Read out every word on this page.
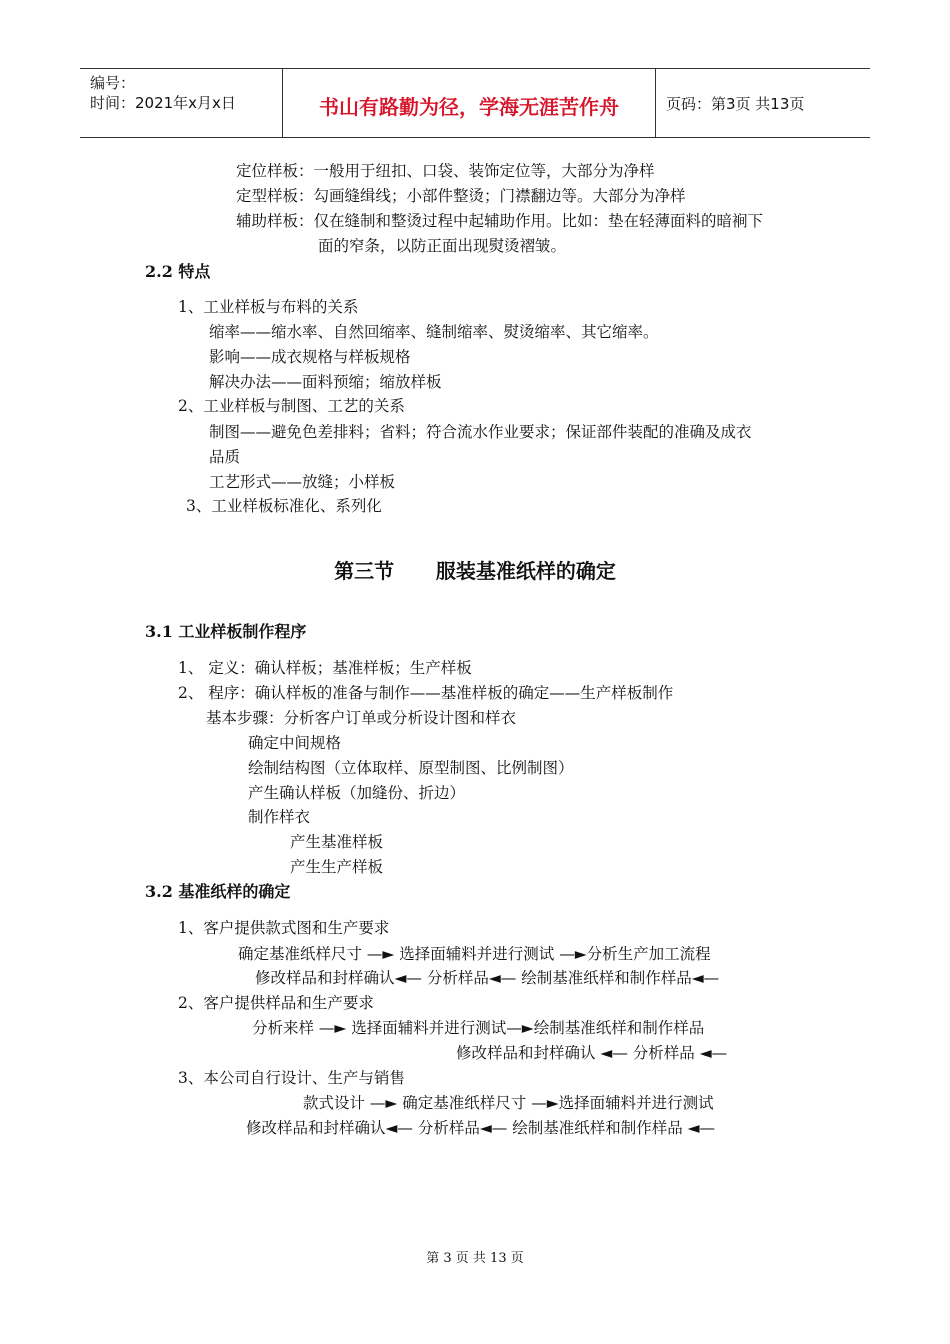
编号：
时间：2021年x月x日	书山有路勤为径，学海无涯苦作舟	页码：第3页 共13页
定位样板：一般用于纽扣、口袋、装饰定位等，大部分为净样
定型样板：勾画缝缉线；小部件整烫；门襟翻边等。大部分为净样
辅助样板：仅在缝制和整烫过程中起辅助作用。比如：垫在轻薄面料的暗裥下
面的窄条，以防正面出现熨烫褶皱。
2.2 特点
1、工业样板与布料的关系
缩率——缩水率、自然回缩率、缝制缩率、熨烫缩率、其它缩率。
影响——成衣规格与样板规格
解决办法——面料预缩；缩放样板
2、工业样板与制图、工艺的关系
制图——避免色差排料；省料；符合流水作业要求；保证部件装配的准确及成衣
品质
工艺形式——放缝；小样板
3、工业样板标准化、系列化
第三节      服装基准纸样的确定
3.1 工业样板制作程序
1、 定义：确认样板；基准样板；生产样板
2、 程序：确认样板的准备与制作——基准样板的确定——生产样板制作
基本步骤：分析客户订单或分析设计图和样衣
确定中间规格
绘制结构图（立体取样、原型制图、比例制图）
产生确认样板（加缝份、折边）
制作样衣
产生基准样板
产生生产样板
3.2 基准纸样的确定
1、客户提供款式图和生产要求
确定基准纸样尺寸 —► 选择面辅料并进行测试 —►分析生产加工流程
修改样品和封样确认◄— 分析样品◄— 绘制基准纸样和制作样品◄—
2、客户提供样品和生产要求
分析来样 —► 选择面辅料并进行测试—►绘制基准纸样和制作样品
修改样品和封样确认 ◄— 分析样品 ◄—
3、本公司自行设计、生产与销售
款式设计 —► 确定基准纸样尺寸 —►选择面辅料并进行测试
修改样品和封样确认◄— 分析样品◄— 绘制基准纸样和制作样品 ◄—
第 3 页 共 13 页
